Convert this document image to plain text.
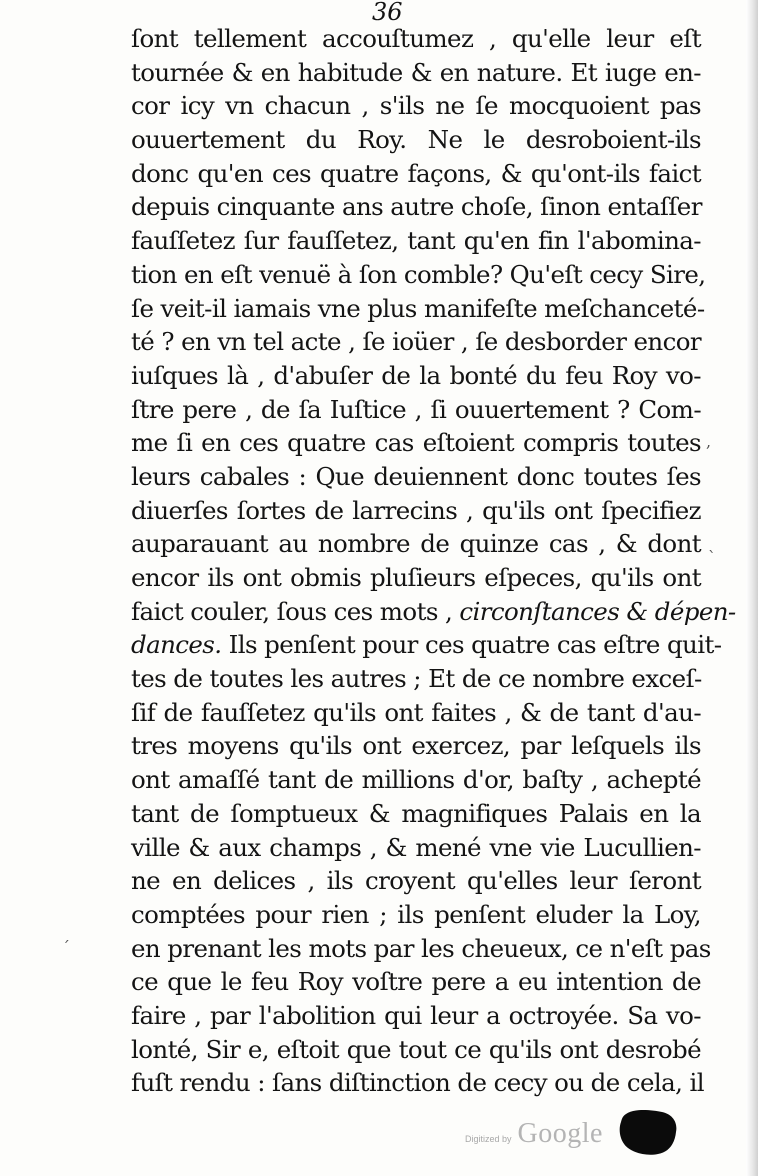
36
ſont tellement accouſtumez , qu'elle leur eſt
tournée & en habitude & en nature. Et iuge en-
cor icy vn chacun , s'ils ne ſe mocquoient pas
ouuertement du Roy. Ne le desroboient-ils
donc qu'en ces quatre façons, & qu'ont-ils faict
depuis cinquante ans autre choſe, ſinon entaſſer
fauſſetez ſur fauſſetez, tant qu'en fin l'abomina-
tion en eſt venuë à ſon comble? Qu'eſt cecy Sire,
ſe veit-il iamais vne plus manifeſte meſchanceté-
té ? en vn tel acte , ſe ioüer , ſe desborder encor
iuſques là , d'abuſer de la bonté du feu Roy vo-
ſtre pere , de ſa Iuſtice , ſi ouuertement ? Com-
me ſi en ces quatre cas eſtoient compris toutes
leurs cabales : Que deuiennent donc toutes ſes
diuerſes ſortes de larrecins , qu'ils ont ſpecifiez
auparauant au nombre de quinze cas , & dont
encor ils ont obmis pluſieurs eſpeces, qu'ils ont
faict couler, ſous ces mots , circonſtances & dépen-
dances. Ils penſent pour ces quatre cas eſtre quit-
tes de toutes les autres ; Et de ce nombre exceſ-
ſif de fauſſetez qu'ils ont faites , & de tant d'au-
tres moyens qu'ils ont exercez, par leſquels ils
ont amaſſé tant de millions d'or, baſty , achepté
tant de ſomptueux & magnifiques Palais en la
ville & aux champs , & mené vne vie Lucullien-
ne en delices , ils croyent qu'elles leur ſeront
comptées pour rien ; ils penſent eluder la Loy,
en prenant les mots par les cheueux, ce n'eſt pas
ce que le feu Roy voſtre pere a eu intention de
faire , par l'abolition qui leur a octroyée. Sa vo-
lonté, Sir e, eſtoit que tout ce qu'ils ont desrobé
fuſt rendu : ſans diſtinction de cecy ou de cela, il
,
`
´
Digitized by Google
